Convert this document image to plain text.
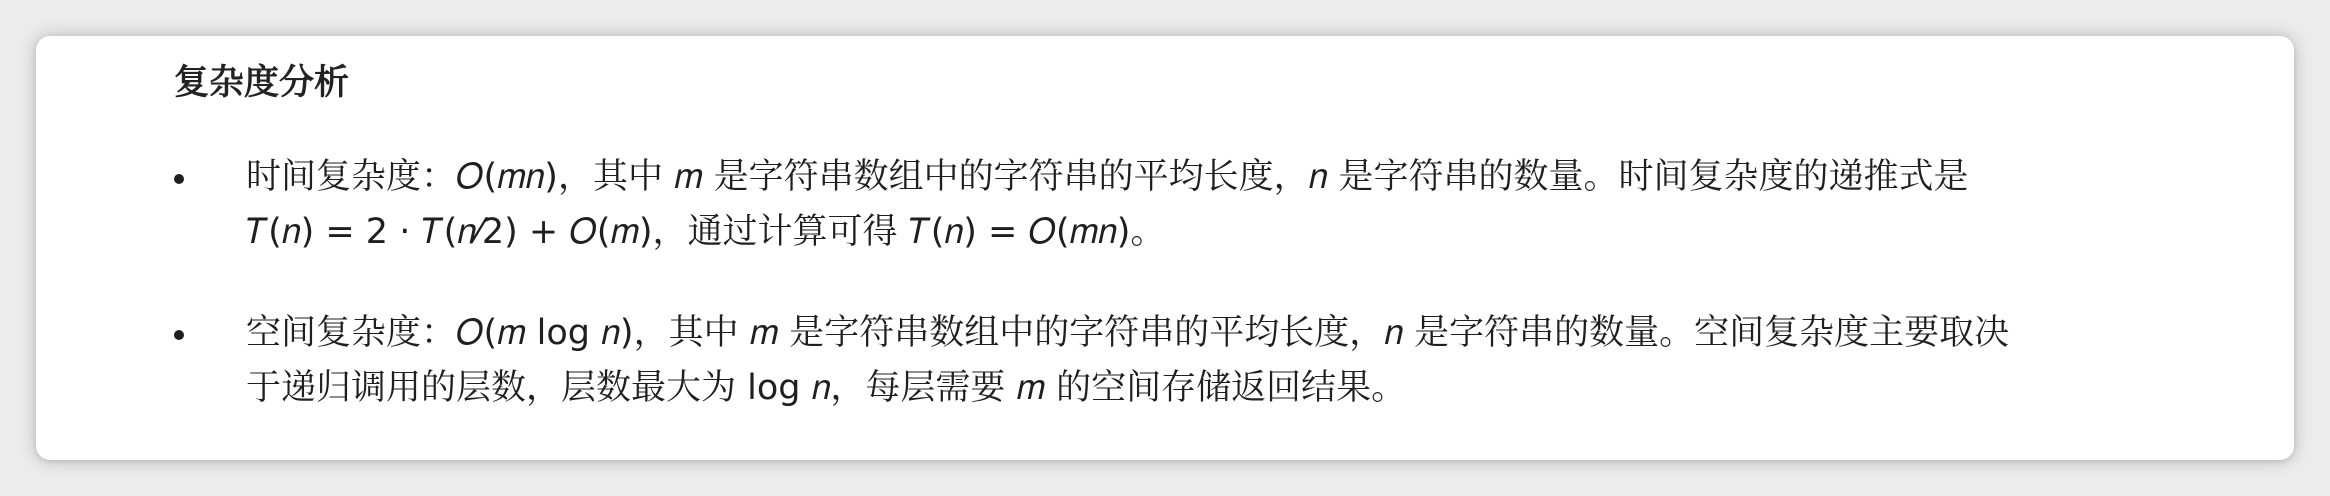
复杂度分析
时间复杂度：𝑂(𝑚𝑛)，其中 𝑚 是字符串数组中的字符串的平均长度，𝑛 是字符串的数量。时间复杂度的递推式是
𝑇(𝑛) = 2 · 𝑇(𝑛⁄2) + 𝑂(𝑚)，通过计算可得 𝑇(𝑛) = 𝑂(𝑚𝑛)。
空间复杂度：𝑂(𝑚 log 𝑛)，其中 𝑚 是字符串数组中的字符串的平均长度，𝑛 是字符串的数量。空间复杂度主要取决
于递归调用的层数，层数最大为 log 𝑛，每层需要 𝑚 的空间存储返回结果。
